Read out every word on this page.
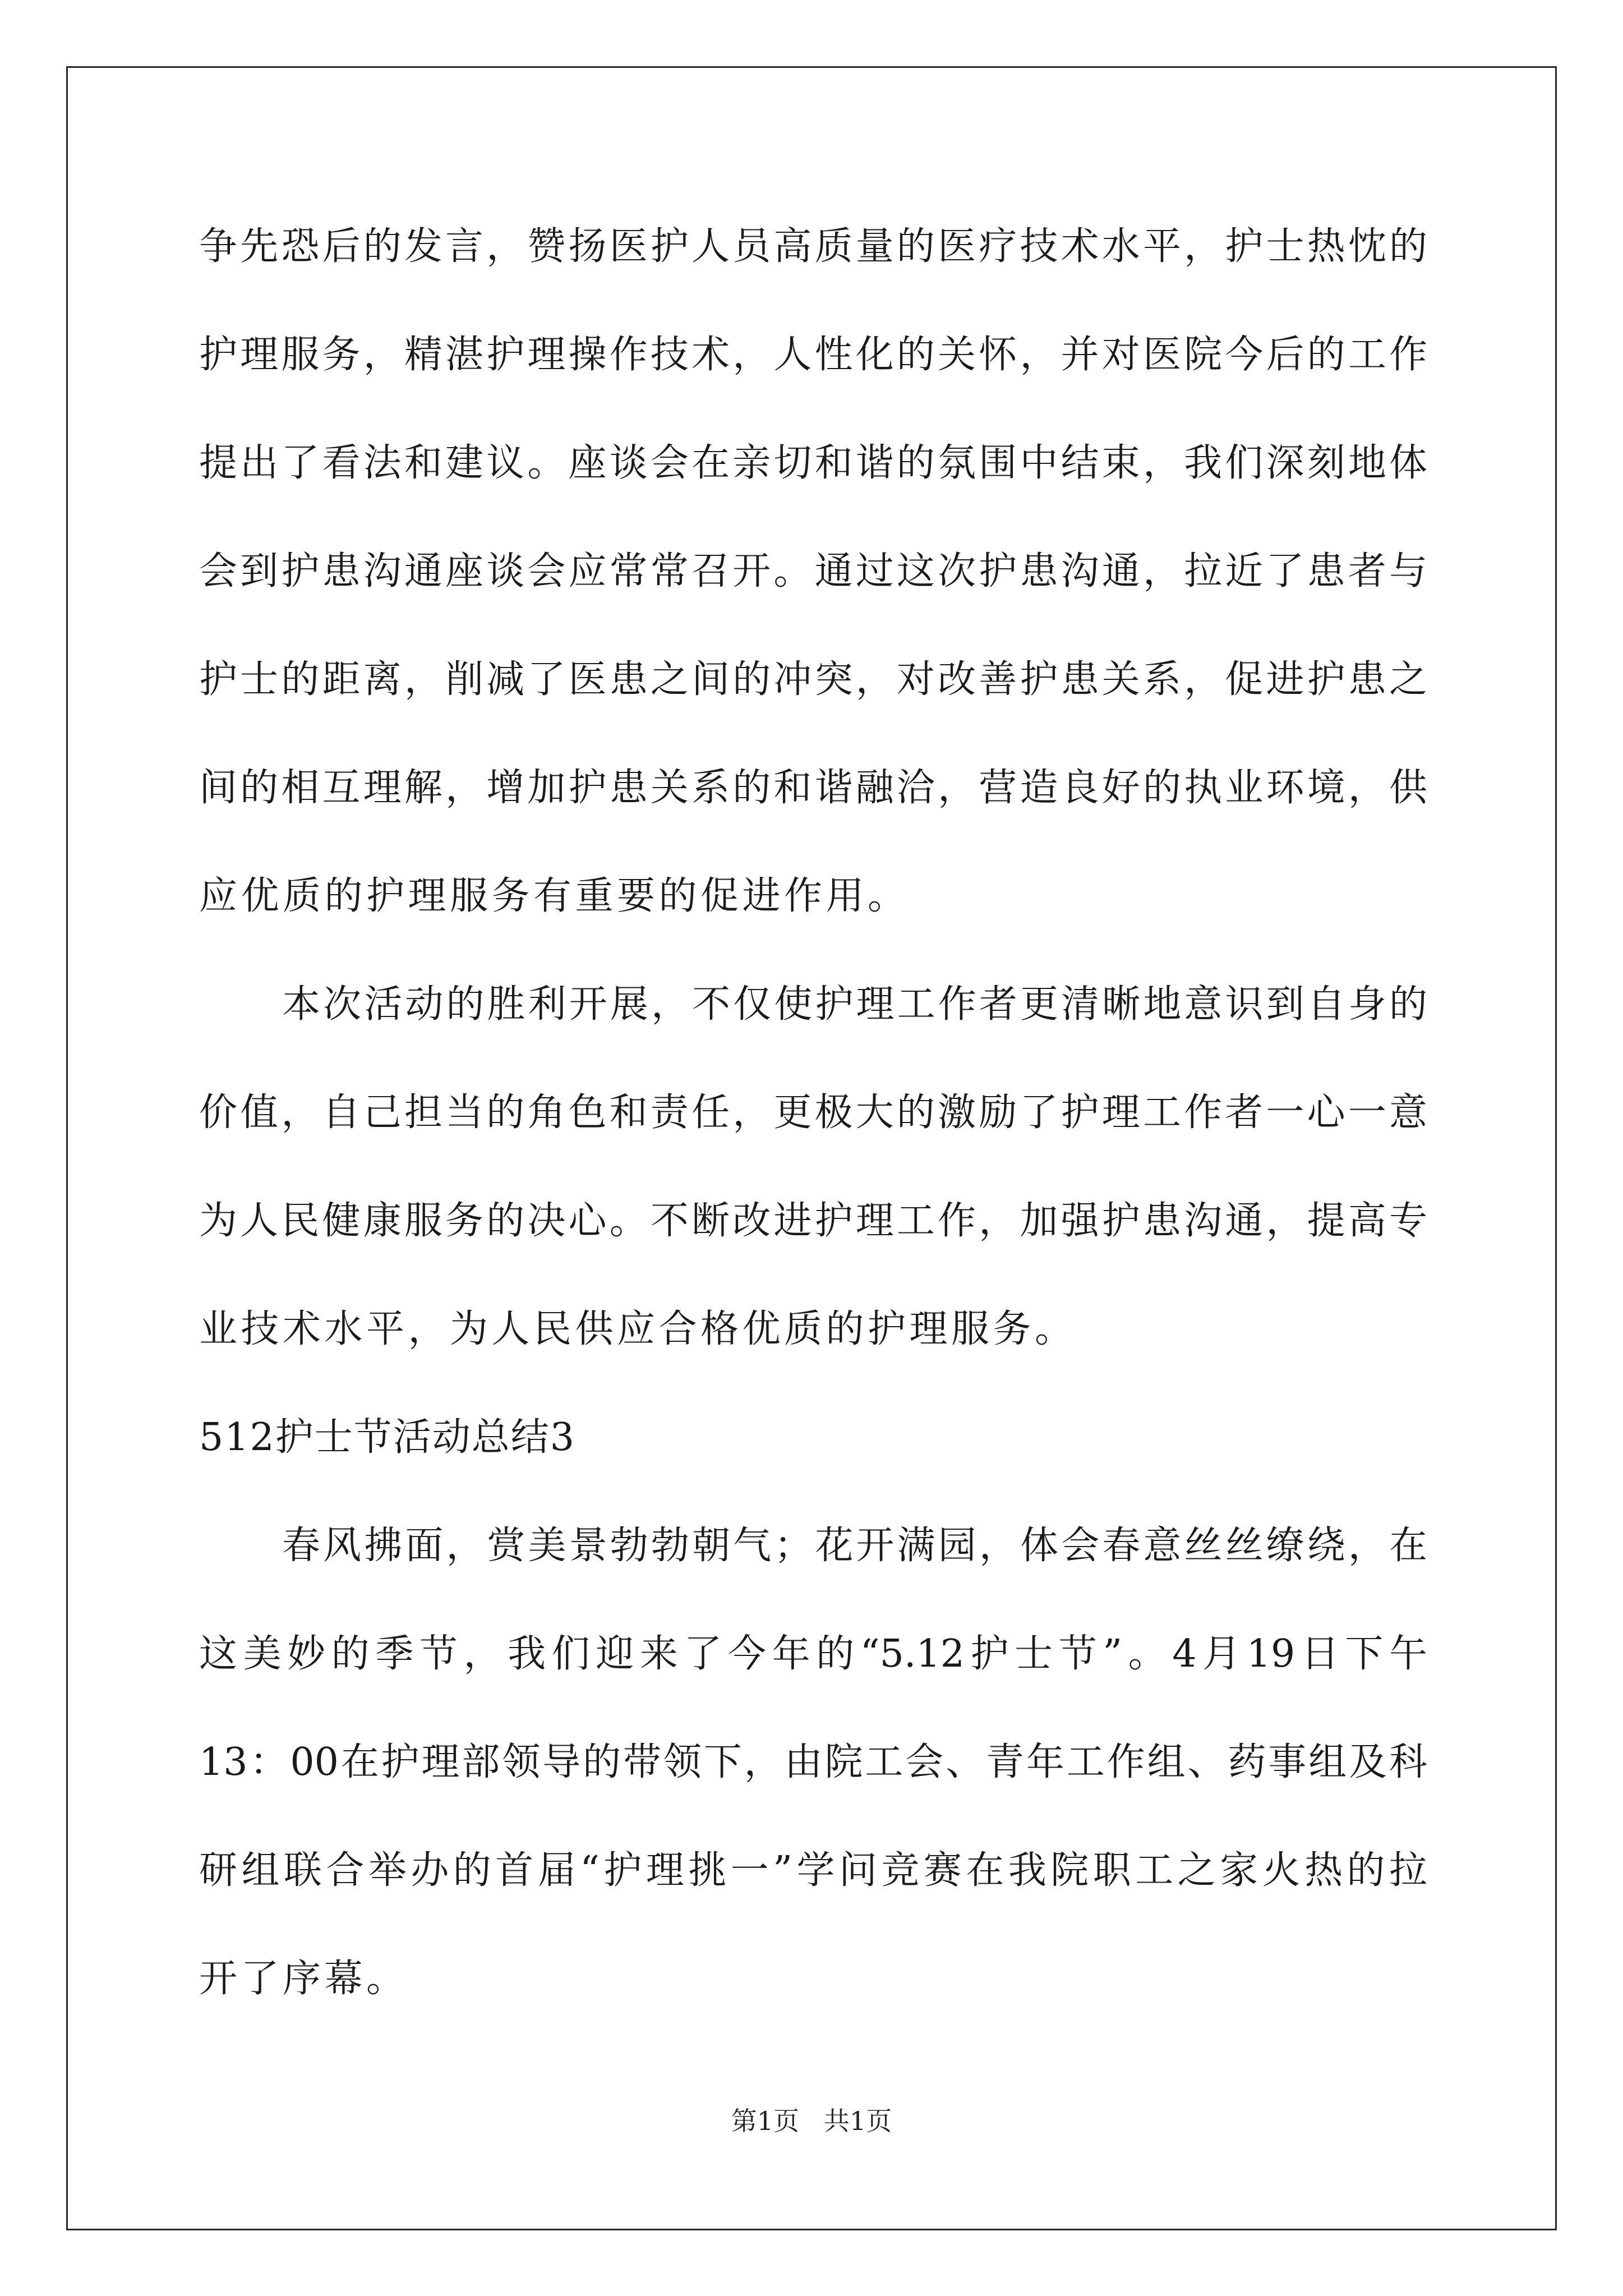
争先恐后的发言，赞扬医护人员高质量的医疗技术水平，护士热忱的
护理服务，精湛护理操作技术，人性化的关怀，并对医院今后的工作
提出了看法和建议。座谈会在亲切和谐的氛围中结束，我们深刻地体
会到护患沟通座谈会应常常召开。通过这次护患沟通，拉近了患者与
护士的距离，削减了医患之间的冲突，对改善护患关系，促进护患之
间的相互理解，增加护患关系的和谐融洽，营造良好的执业环境，供
应优质的护理服务有重要的促进作用。
本次活动的胜利开展，不仅使护理工作者更清晰地意识到自身的
价值，自己担当的角色和责任，更极大的激励了护理工作者一心一意
为人民健康服务的决心。不断改进护理工作，加强护患沟通，提高专
业技术水平，为人民供应合格优质的护理服务。
512护士节活动总结3
春风拂面，赏美景勃勃朝气；花开满园，体会春意丝丝缭绕，在
这美妙的季节，我们迎来了今年的“5.12护士节”。4月19日下午
13：00在护理部领导的带领下，由院工会、青年工作组、药事组及科
研组联合举办的首届“护理挑一”学问竞赛在我院职工之家火热的拉
开了序幕。
第1页   共1页
